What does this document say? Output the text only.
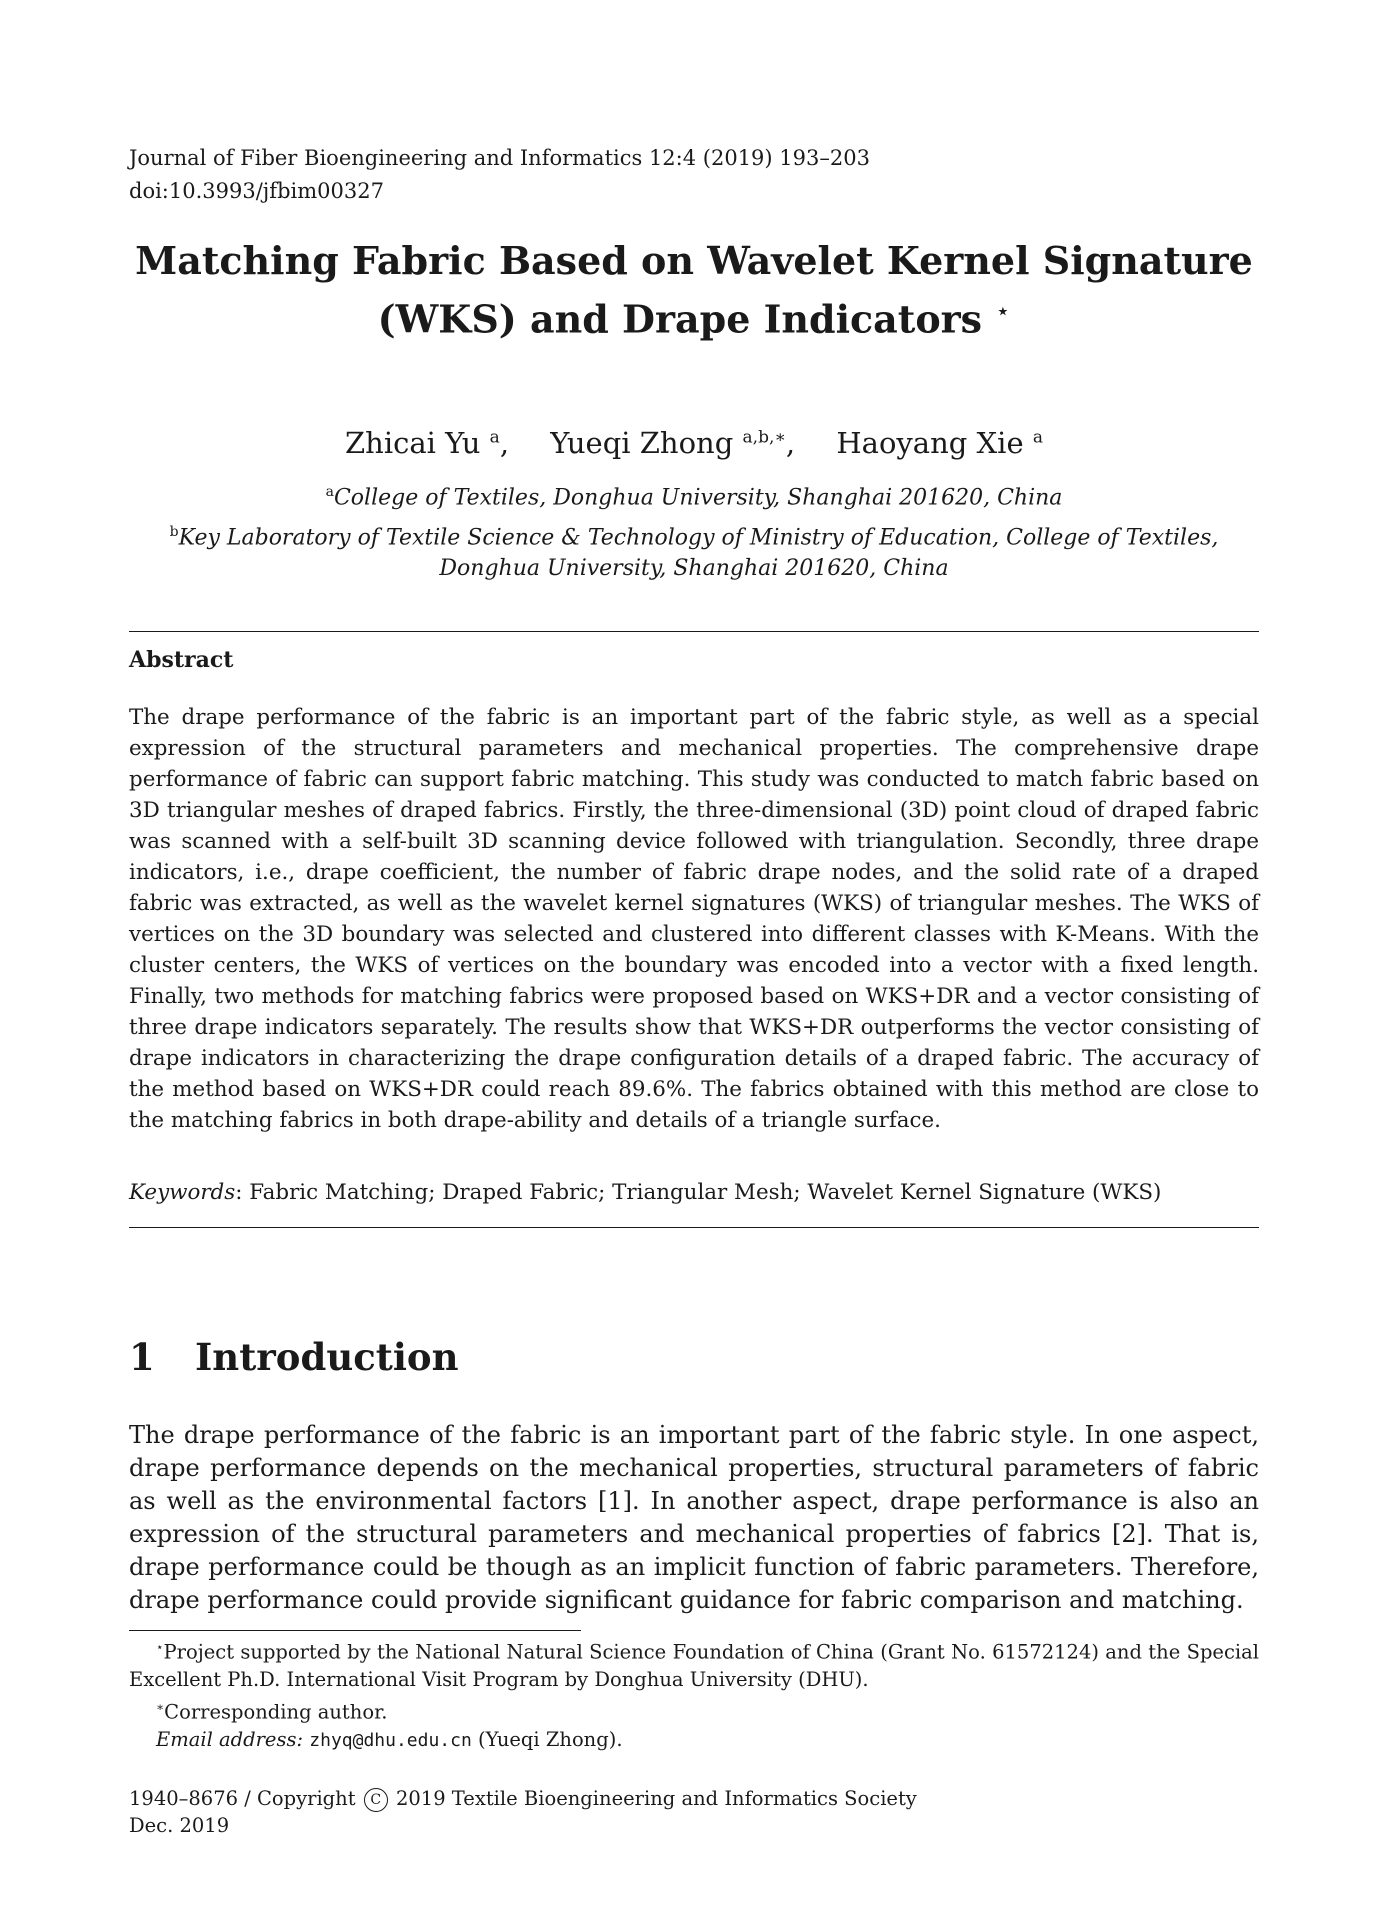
Journal of Fiber Bioengineering and Informatics 12:4 (2019) 193–203
doi:10.3993/jfbim00327
Matching Fabric Based on Wavelet Kernel Signature
(WKS) and Drape Indicators ⋆
Zhicai Yu $^a$, Yueqi Zhong $^{a,b,∗}$, Haoyang Xie $^a$
$^a$College of Textiles, Donghua University, Shanghai 201620, China
$^b$Key Laboratory of Textile Science & Technology of Ministry of Education, College of Textiles,
Donghua University, Shanghai 201620, China
Abstract
The drape performance of the fabric is an important part of the fabric style, as well as a special expression of the structural parameters and mechanical properties. The comprehensive drape performance of fabric can support fabric matching. This study was conducted to match fabric based on 3D triangular meshes of draped fabrics. Firstly, the three-dimensional (3D) point cloud of draped fabric was scanned with a self-built 3D scanning device followed with triangulation. Secondly, three drape indicators, i.e., drape coefficient, the number of fabric drape nodes, and the solid rate of a draped fabric was extracted, as well as the wavelet kernel signatures (WKS) of triangular meshes. The WKS of vertices on the 3D boundary was selected and clustered into different classes with K-Means. With the cluster centers, the WKS of vertices on the boundary was encoded into a vector with a fixed length. Finally, two methods for matching fabrics were proposed based on WKS+DR and a vector consisting of three drape indicators separately. The results show that WKS+DR outperforms the vector consisting of drape indicators in characterizing the drape configuration details of a draped fabric. The accuracy of the method based on WKS+DR could reach 89.6%. The fabrics obtained with this method are close to the matching fabrics in both drape-ability and details of a triangle surface.
Keywords: Fabric Matching; Draped Fabric; Triangular Mesh; Wavelet Kernel Signature (WKS)
1 Introduction
The drape performance of the fabric is an important part of the fabric style. In one aspect, drape performance depends on the mechanical properties, structural parameters of fabric as well as the environmental factors [1]. In another aspect, drape performance is also an expression of the structural parameters and mechanical properties of fabrics [2]. That is, drape performance could be though as an implicit function of fabric parameters. Therefore, drape performance could provide significant guidance for fabric comparison and matching.

⋆Project supported by the National Natural Science Foundation of China (Grant No. 61572124) and the Special Excellent Ph.D. International Visit Program by Donghua University (DHU).

∗Corresponding author.

Email address: zhyq@dhu.edu.cn (Yueqi Zhong).

1940–8676 / Copyright C 2019 Textile Bioengineering and Informatics Society
Dec. 2019
